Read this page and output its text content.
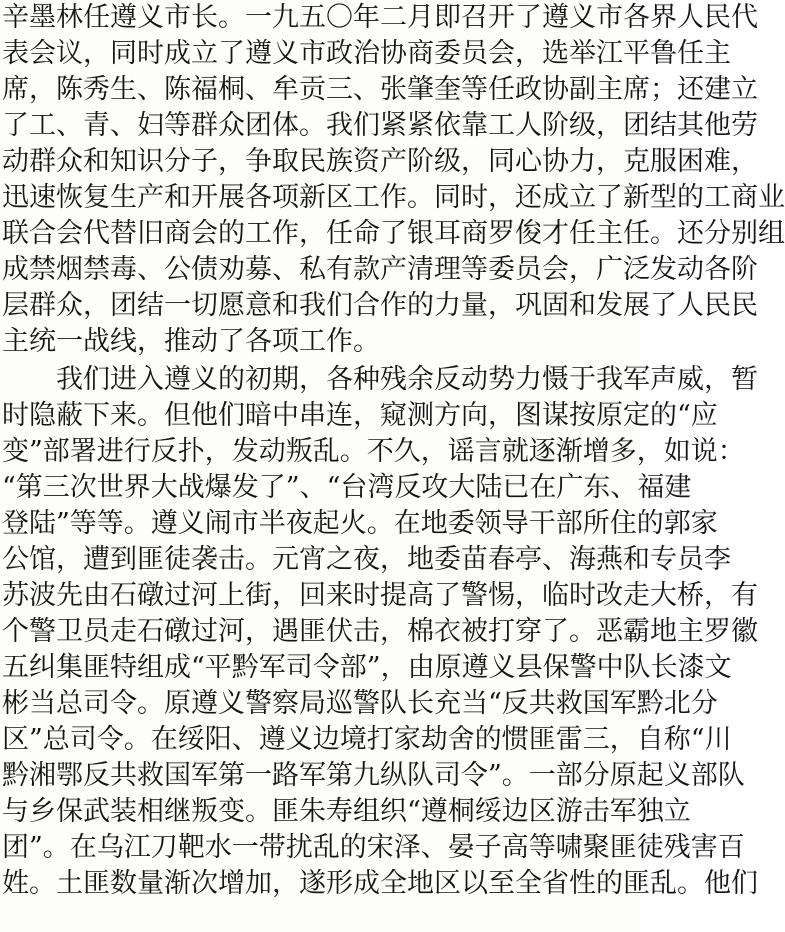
辛墨林任遵义市长。一九五〇年二月即召开了遵义市各界人民代
表会议，同时成立了遵义市政治协商委员会，选举江平鲁任主
席，陈秀生、陈福桐、牟贡三、张肇奎等任政协副主席；还建立
了工、青、妇等群众团体。我们紧紧依靠工人阶级，团结其他劳
动群众和知识分子，争取民族资产阶级，同心协力，克服困难，
迅速恢复生产和开展各项新区工作。同时，还成立了新型的工商业
联合会代替旧商会的工作，任命了银耳商罗俊才任主任。还分别组
成禁烟禁毒、公债劝募、私有款产清理等委员会，广泛发动各阶
层群众，团结一切愿意和我们合作的力量，巩固和发展了人民民
主统一战线，推动了各项工作。
我们进入遵义的初期，各种残余反动势力慑于我军声威，暂
时隐蔽下来。但他们暗中串连，窥测方向，图谋按原定的“应
变”部署进行反扑，发动叛乱。不久，谣言就逐渐增多，如说：
“第三次世界大战爆发了”、“台湾反攻大陆已在广东、福建
登陆”等等。遵义闹市半夜起火。在地委领导干部所住的郭家
公馆，遭到匪徒袭击。元宵之夜，地委苗春亭、海燕和专员李
苏波先由石礅过河上街，回来时提高了警惕，临时改走大桥，有
个警卫员走石礅过河，遇匪伏击，棉衣被打穿了。恶霸地主罗徽
五纠集匪特组成“平黔军司令部”，由原遵义县保警中队长漆文
彬当总司令。原遵义警察局巡警队长充当“反共救国军黔北分
区”总司令。在绥阳、遵义边境打家劫舍的惯匪雷三，自称“川
黔湘鄂反共救国军第一路军第九纵队司令”。一部分原起义部队
与乡保武装相继叛变。匪朱寿组织“遵桐绥边区游击军独立
团”。在乌江刀靶水一带扰乱的宋泽、晏子高等啸聚匪徒残害百
姓。土匪数量渐次增加，遂形成全地区以至全省性的匪乱。他们
